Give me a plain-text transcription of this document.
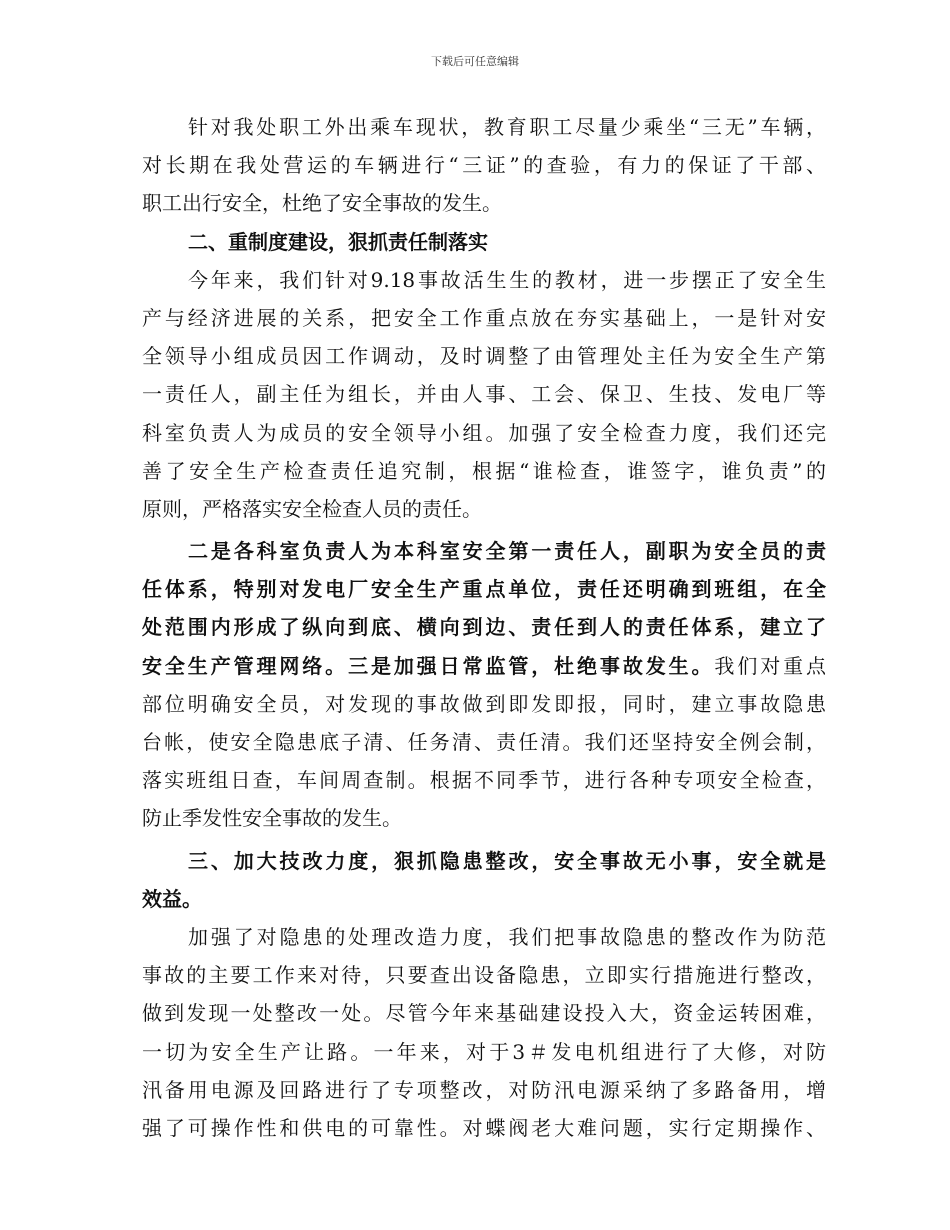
下载后可任意编辑
针对我处职工外出乘车现状，教育职工尽量少乘坐“三无”车辆，
对长期在我处营运的车辆进行“三证”的查验，有力的保证了干部、
职工出行安全，杜绝了安全事故的发生。
二、重制度建设，狠抓责任制落实
今年来，我们针对9.18事故活生生的教材，进一步摆正了安全生
产与经济进展的关系，把安全工作重点放在夯实基础上，一是针对安
全领导小组成员因工作调动，及时调整了由管理处主任为安全生产第
一责任人，副主任为组长，并由人事、工会、保卫、生技、发电厂等
科室负责人为成员的安全领导小组。加强了安全检查力度，我们还完
善了安全生产检查责任追究制，根据“谁检查，谁签字，谁负责”的
原则，严格落实安全检查人员的责任。
二是各科室负责人为本科室安全第一责任人，副职为安全员的责
任体系，特别对发电厂安全生产重点单位，责任还明确到班组，在全
处范围内形成了纵向到底、横向到边、责任到人的责任体系，建立了
安全生产管理网络。三是加强日常监管，杜绝事故发生。我们对重点
部位明确安全员，对发现的事故做到即发即报，同时，建立事故隐患
台帐，使安全隐患底子清、任务清、责任清。我们还坚持安全例会制，
落实班组日查，车间周查制。根据不同季节，进行各种专项安全检查，
防止季发性安全事故的发生。
三、加大技改力度，狠抓隐患整改，安全事故无小事，安全就是
效益。
加强了对隐患的处理改造力度，我们把事故隐患的整改作为防范
事故的主要工作来对待，只要查出设备隐患，立即实行措施进行整改，
做到发现一处整改一处。尽管今年来基础建设投入大，资金运转困难，
一切为安全生产让路。一年来，对于3＃发电机组进行了大修，对防
汛备用电源及回路进行了专项整改，对防汛电源采纳了多路备用，增
强了可操作性和供电的可靠性。对蝶阀老大难问题，实行定期操作、
